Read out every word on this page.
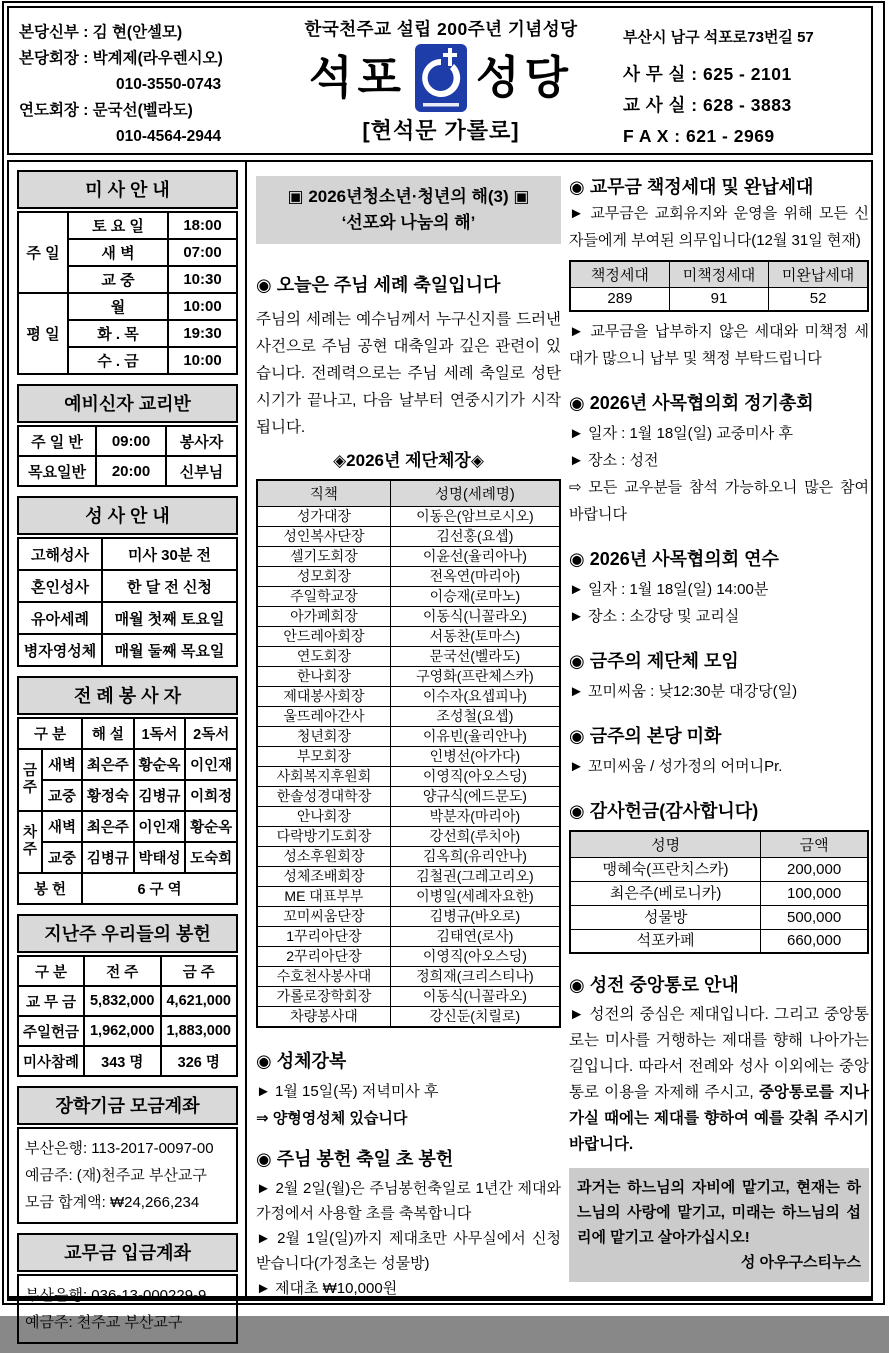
본당신부 : 김 현(안셀모)
본당회장 : 박계제(라우렌시오)
010-3550-0743
연도회장 : 문국선(벨라도)
010-4564-2944
한국천주교 설립 200주년 기념성당
석포 성당
[현석문 가롤로]
부산시 남구 석포로73번길 57
사 무 실 : 625 - 2101
교 사 실 : 628 - 3883
F A X : 621 - 2969
미 사 안 내
주 일	토 요 일	18:00
	새 벽	07:00
	교 중	10:30
평 일	월	10:00
	화 . 목	19:30
	수 . 금	10:00
예비신자 교리반
주 일 반	09:00	봉사자
목요일반	20:00	신부님
성 사 안 내
고해성사	미사 30분 전
혼인성사	한 달 전 신청
유아세례	매월 첫째 토요일
병자영성체	매월 둘째 목요일
전 례 봉 사 자
구 분		해 설	1독서	2독서
금주	새벽	최은주	황순옥	이인재
	교중	황정숙	김병규	이희정
차주	새벽	최은주	이인재	황순옥
	교중	김병규	박태성	도숙희
봉 헌		6 구 역		
지난주 우리들의 봉헌
구 분	전 주	금 주
교 무 금	5,832,000	4,621,000
주일헌금	1,962,000	1,883,000
미사참례	343 명	326 명
장학기금 모금계좌
부산은행: 113-2017-0097-00
예금주: (재)천주교 부산교구
모금 합계액: ₩24,266,234
교무금 입금계좌
부산은행: 036-13-000229-9
예금주: 천주교 부산교구
▣ 2026년청소년·청년의 해(3) ▣
‘선포와 나눔의 해’
◉ 오늘은 주님 세례 축일입니다
주님의 세례는 예수님께서 누구신지를 드러낸 사건으로 주님 공현 대축일과 깊은 관련이 있습니다. 전례력으로는 주님 세례 축일로 성탄시기가 끝나고, 다음 날부터 연중시기가 시작됩니다.
◈2026년 제단체장◈
직책	성명(세례명)
성가대장	이동은(암브로시오)
성인복사단장	김선홍(요셉)
셀기도회장	이윤선(율리아나)
성모회장	전옥연(마리아)
주일학교장	이승재(로마노)
아가페회장	이동식(니꼴라오)
안드레아회장	서동찬(토마스)
연도회장	문국선(벨라도)
한나회장	구영화(프란체스카)
제대봉사회장	이수자(요셉피나)
울뜨레아간사	조성철(요셉)
청년회장	이유빈(율리안나)
부모회장	인병선(아가다)
사회복지후원회	이영직(아오스딩)
한솔성경대학장	양규식(에드문도)
안나회장	박분자(마리아)
다락방기도회장	강선희(루치아)
성소후원회장	김옥희(유리안나)
성체조배회장	김철권(그레고리오)
ME 대표부부	이병일(세례자요한)
꼬미씨움단장	김병규(바오로)
1꾸리아단장	김태연(로사)
2꾸리아단장	이영직(아오스딩)
수호천사봉사대	정희재(크리스티나)
가롤로장학회장	이동식(니꼴라오)
차량봉사대	강신둔(치릴로)
◉ 성체강복
► 1월 15일(목) 저녁미사 후
⇒ 양형영성체 있습니다
◉ 주님 봉헌 축일 초 봉헌
► 2월 2일(월)은 주님봉헌축일로 1년간 제대와 가정에서 사용할 초를 축복합니다
► 2월 1일(일)까지 제대초만 사무실에서 신청 받습니다(가정초는 성물방)
► 제대초 ₩10,000원
◉ 교무금 책정세대 및 완납세대
► 교무금은 교회유지와 운영을 위해 모든 신자들에게 부여된 의무입니다(12월 31일 현재)
책정세대	미책정세대	미완납세대
289	91	52
► 교무금을 납부하지 않은 세대와 미책정 세대가 많으니 납부 및 책정 부탁드립니다
◉ 2026년 사목협의회 정기총회
► 일자 : 1월 18일(일) 교중미사 후
► 장소 : 성전
⇨ 모든 교우분들 참석 가능하오니 많은 참여 바랍니다
◉ 2026년 사목협의회 연수
► 일자 : 1월 18일(일) 14:00분
► 장소 : 소강당 및 교리실
◉ 금주의 제단체 모임
► 꼬미씨움 : 낮12:30분 대강당(일)
◉ 금주의 본당 미화
► 꼬미씨움 / 성가정의 어머니Pr.
◉ 감사헌금(감사합니다)
성명	금액
맹혜숙(프란치스카)	200,000
최은주(베로니카)	100,000
성물방	500,000
석포카페	660,000
◉ 성전 중앙통로 안내
► 성전의 중심은 제대입니다. 그리고 중앙통로는 미사를 거행하는 제대를 향해 나아가는 길입니다. 따라서 전례와 성사 이외에는 중앙통로 이용을 자제해 주시고, 중앙통로를 지나가실 때에는 제대를 향하여 예를 갖춰 주시기 바랍니다.
과거는 하느님의 자비에 맡기고, 현재는 하느님의 사랑에 맡기고, 미래는 하느님의 섭리에 맡기고 살아가십시오!
성 아우구스티누스
